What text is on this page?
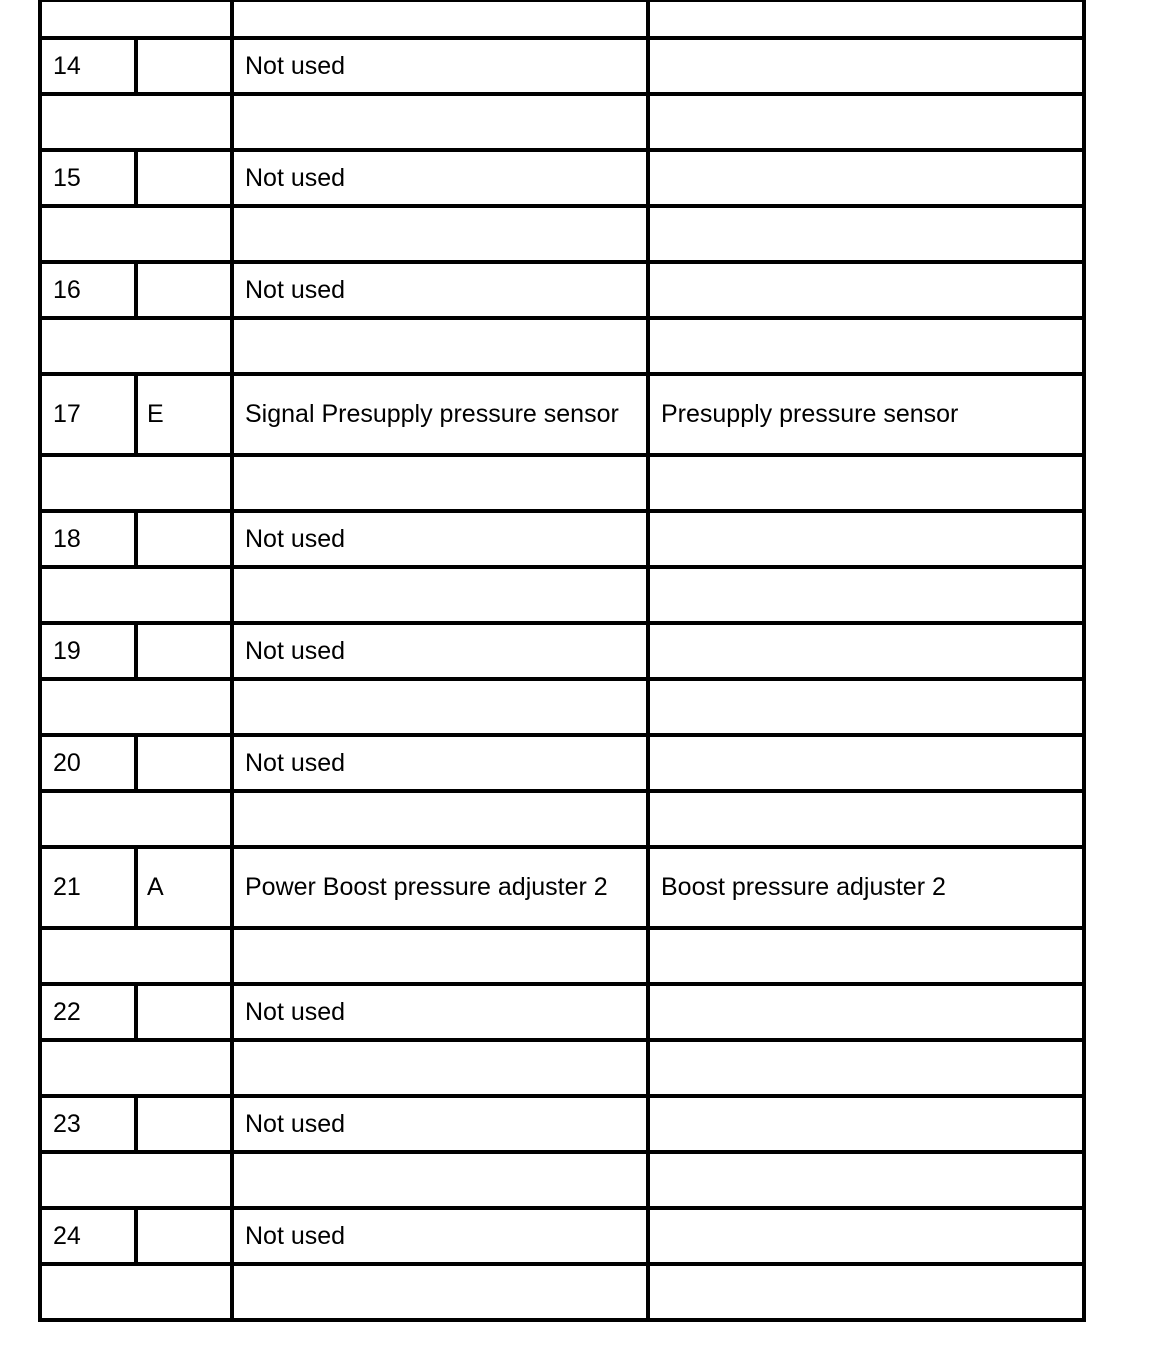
14		Not used	

15		Not used	

16		Not used	

17	E	Signal Presupply pressure sensor	Presupply pressure sensor

18		Not used	

19		Not used	

20		Not used	

21	A	Power Boost pressure adjuster 2	Boost pressure adjuster 2

22		Not used	

23		Not used	

24		Not used	
